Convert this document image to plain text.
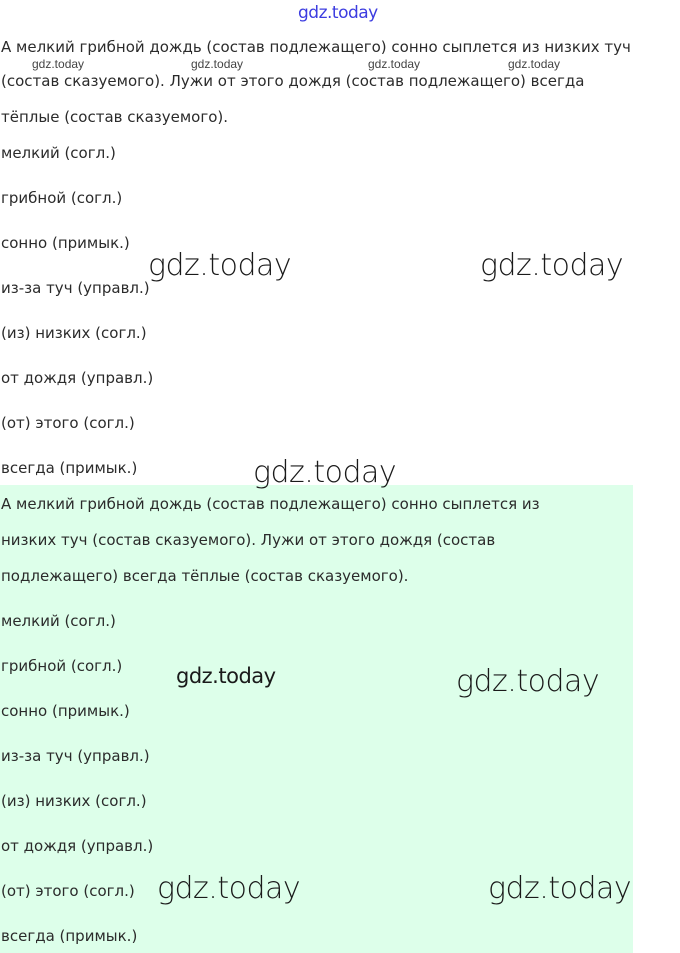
gdz.today
А мелкий грибной дождь (состав подлежащего) сонно сыплется из низких туч
gdz.today	gdz.today	gdz.today	gdz.today
(состав сказуемого). Лужи от этого дождя (состав подлежащего) всегда
тёплые (состав сказуемого).
мелкий (согл.)
грибной (согл.)
сонно (примык.)
из-за туч (управл.)
(из) низких (согл.)
от дождя (управл.)
(от) этого (согл.)
всегда (примык.)
gdz.today	gdz.today
gdz.today
А мелкий грибной дождь (состав подлежащего) сонно сыплется из
низких туч (состав сказуемого). Лужи от этого дождя (состав
подлежащего) всегда тёплые (состав сказуемого).
мелкий (согл.)
грибной (согл.)
сонно (примык.)
из-за туч (управл.)
(из) низких (согл.)
от дождя (управл.)
(от) этого (согл.)
всегда (примык.)
gdz.today	gdz.today
gdz.today	gdz.today
